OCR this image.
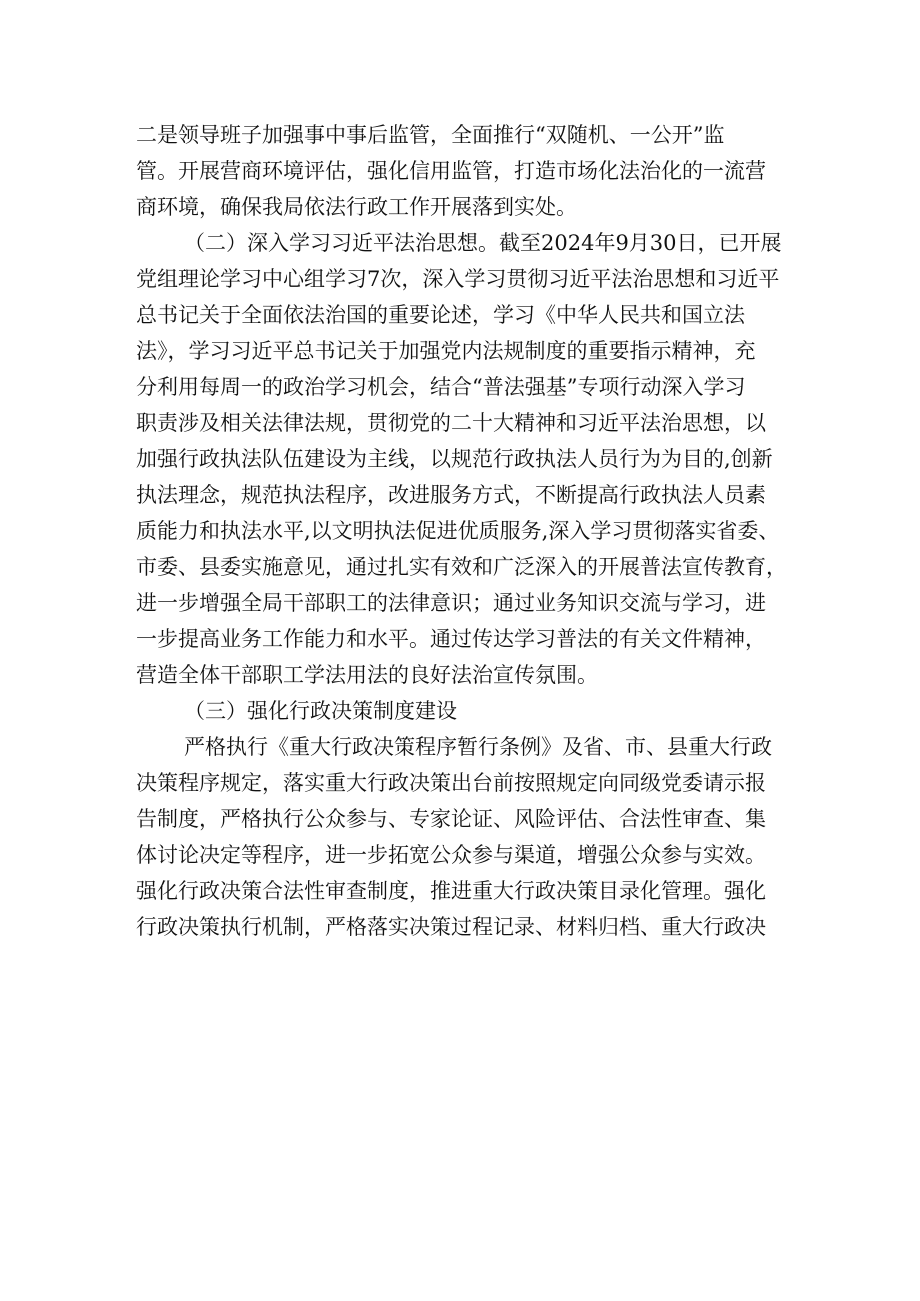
二是领导班子加强事中事后监管，全面推行“双随机、一公开”监
管。开展营商环境评估，强化信用监管，打造市场化法治化的一流营
商环境，确保我局依法行政工作开展落到实处。
（二）深入学习习近平法治思想。截至2024年9月30日，已开展
党组理论学习中心组学习7次，深入学习贯彻习近平法治思想和习近平
总书记关于全面依法治国的重要论述，学习《中华人民共和国立法
法》，学习习近平总书记关于加强党内法规制度的重要指示精神，充
分利用每周一的政治学习机会，结合“普法强基”专项行动深入学习
职责涉及相关法律法规，贯彻党的二十大精神和习近平法治思想，以
加强行政执法队伍建设为主线，以规范行政执法人员行为为目的,创新
执法理念，规范执法程序，改进服务方式，不断提高行政执法人员素
质能力和执法水平,以文明执法促进优质服务,深入学习贯彻落实省委、
市委、县委实施意见，通过扎实有效和广泛深入的开展普法宣传教育，
进一步增强全局干部职工的法律意识；通过业务知识交流与学习，进
一步提高业务工作能力和水平。通过传达学习普法的有关文件精神，
营造全体干部职工学法用法的良好法治宣传氛围。
（三）强化行政决策制度建设
严格执行《重大行政决策程序暂行条例》及省、市、县重大行政
决策程序规定，落实重大行政决策出台前按照规定向同级党委请示报
告制度，严格执行公众参与、专家论证、风险评估、合法性审查、集
体讨论决定等程序，进一步拓宽公众参与渠道，增强公众参与实效。
强化行政决策合法性审查制度，推进重大行政决策目录化管理。强化
行政决策执行机制，严格落实决策过程记录、材料归档、重大行政决
